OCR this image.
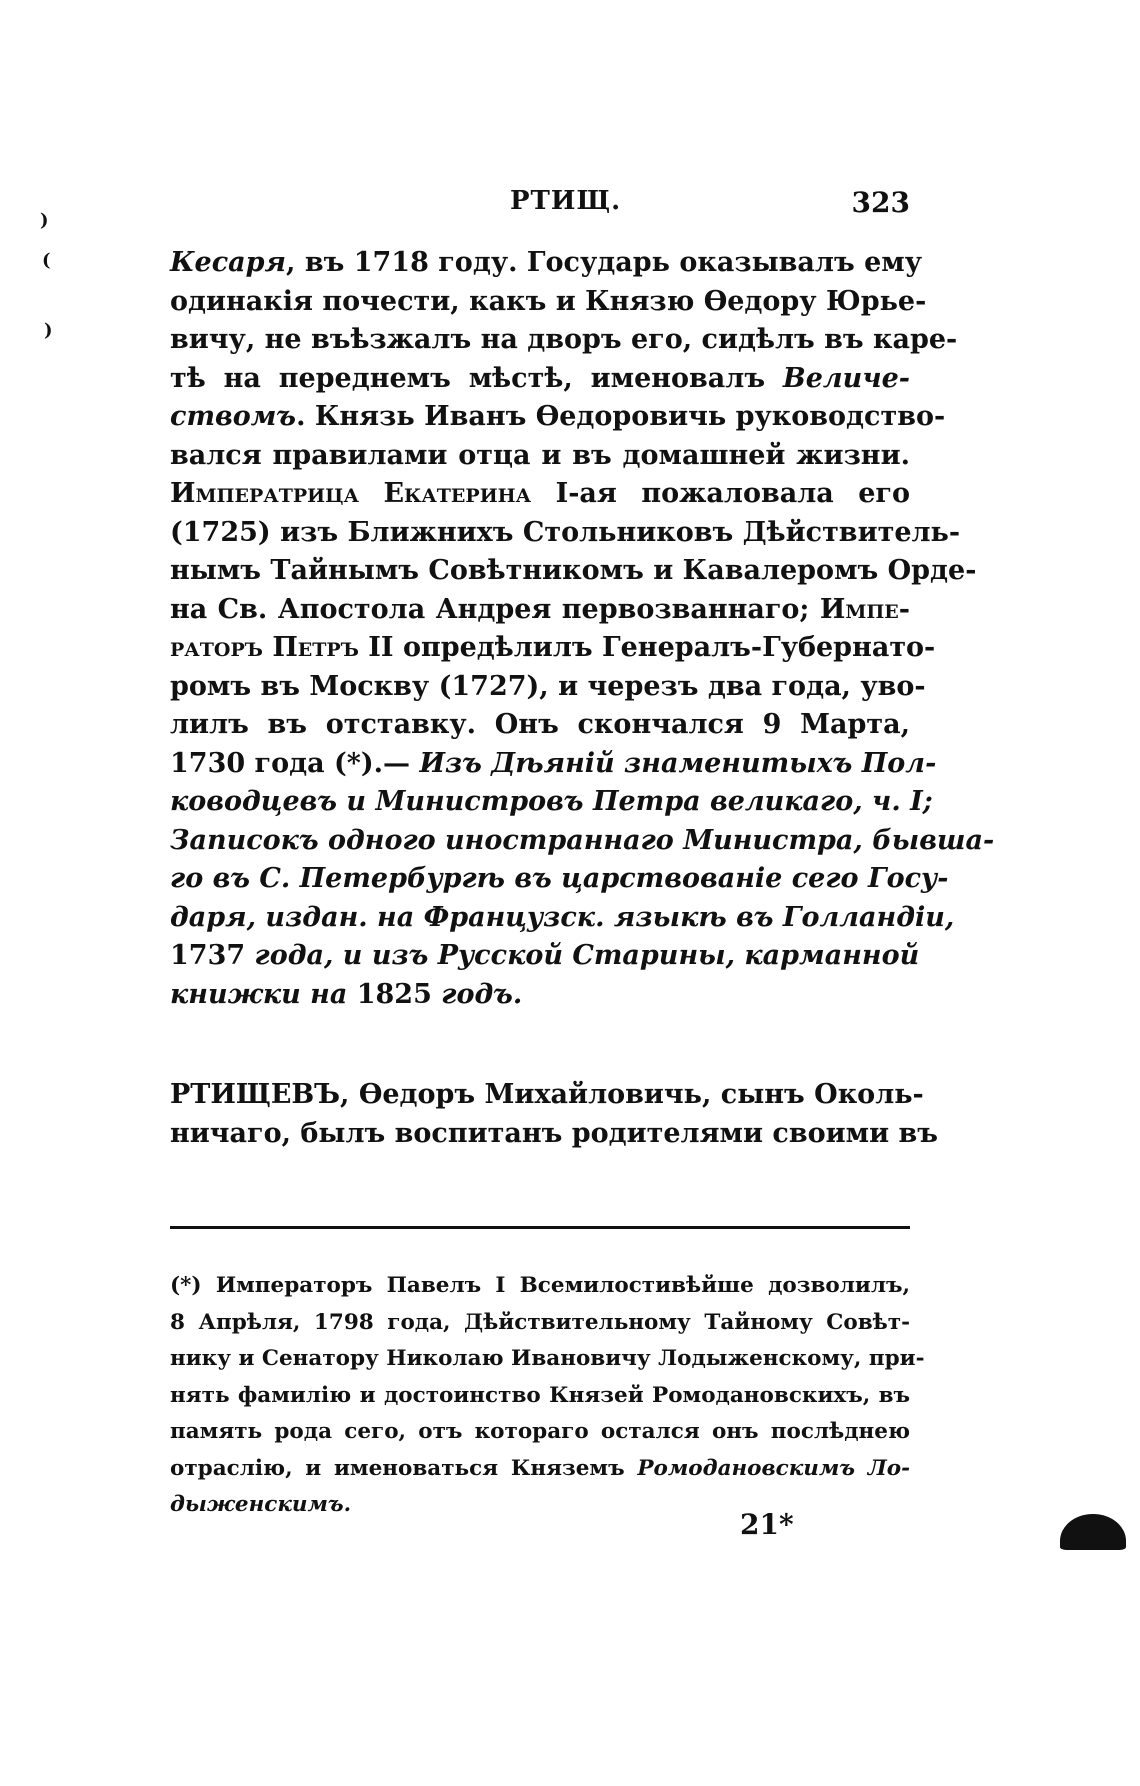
РТИЩ.	323
Кесаря, въ 1718 году. Государь оказывалъ ему
одинакія почести, какъ и Князю Өедору Юрье-
вичу, не въѣзжалъ на дворъ его, сидѣлъ въ каре-
тѣ на переднемъ мѣстѣ, именовалъ Величе-
ствомъ. Князь Иванъ Өедоровичь руководство-
вался правилами отца и въ домашней жизни.
Императрица Екатерина I-ая пожаловала его
(1725) изъ Ближнихъ Стольниковъ Дѣйствитель-
нымъ Тайнымъ Совѣтникомъ и Кавалеромъ Орде-
на Св. Апостола Андрея первозваннаго; Импе-
раторъ Петръ II опредѣлилъ Генералъ-Губернато-
ромъ въ Москву (1727), и черезъ два года, уво-
лилъ въ отставку. Онъ скончался 9 Марта,
1730 года (*).— Изъ Дѣяній знаменитыхъ Пол-
ководцевъ и Министровъ Петра великаго, ч. I;
Записокъ одного иностраннаго Министра, бывша-
го въ С. Петербургѣ въ царствованіе сего Госу-
даря, издан. на Французск. языкѣ въ Голландіи,
1737 года, и изъ Русской Старины, карманной
книжки на 1825 годъ.
РТИЩЕВЪ, Өедоръ Михайловичь, сынъ Околь-
ничаго, былъ воспитанъ родителями своими въ
(*) Императоръ Павелъ I Всемилостивѣйше дозволилъ,
8 Апрѣля, 1798 года, Дѣйствительному Тайному Совѣт-
нику и Сенатору Николаю Ивановичу Лодыженскому, при-
нять фамилію и достоинство Князей Ромодановскихъ, въ
память рода сего, отъ котораго остался онъ послѣднею
отраслію, и именоваться Княземъ Ромодановскимъ Ло-
дыженскимъ.
21*
)
(
)
